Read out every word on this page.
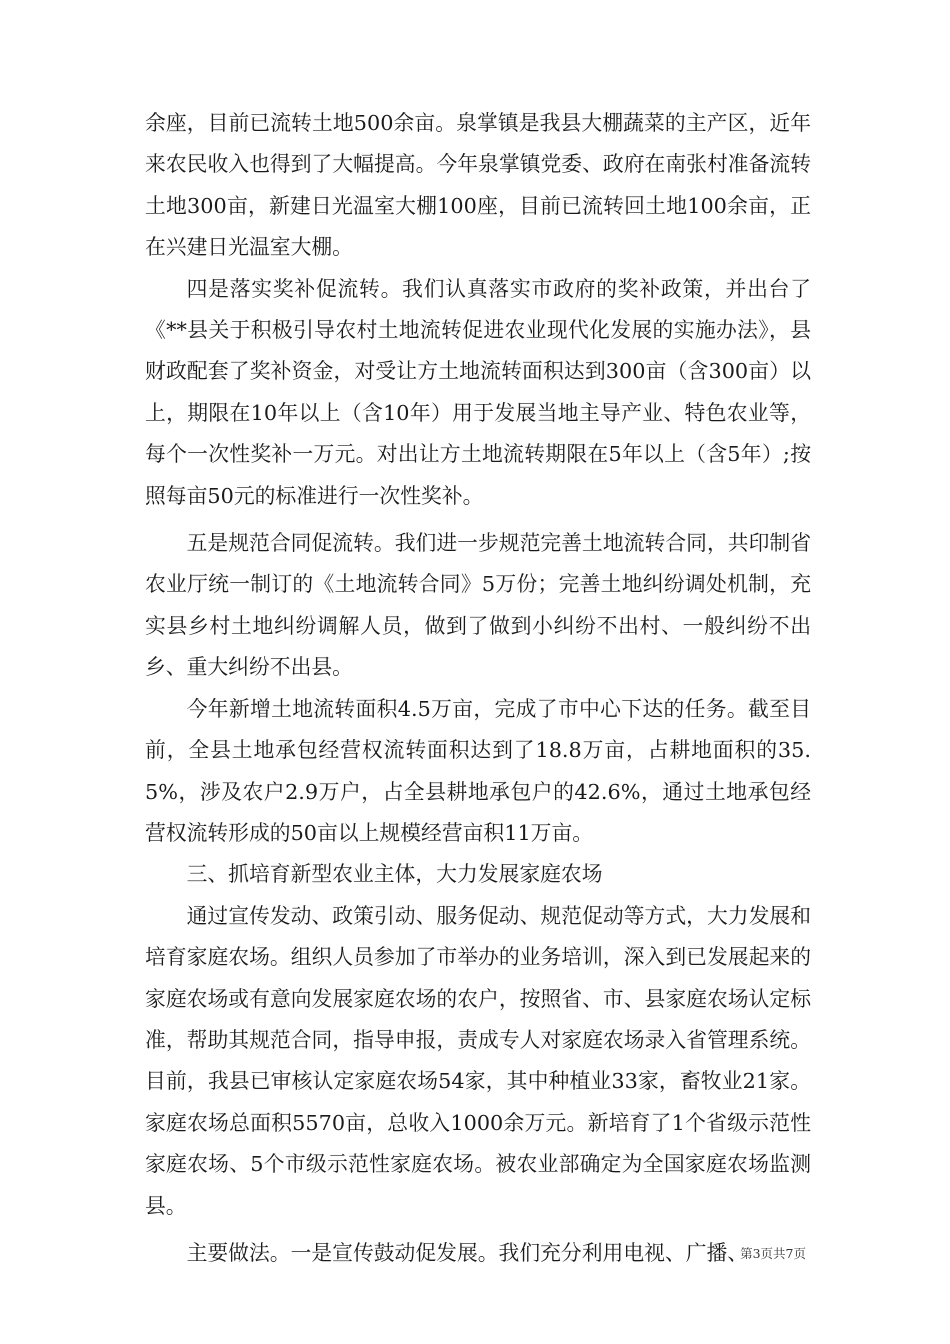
余座，目前已流转土地500余亩。泉掌镇是我县大棚蔬菜的主产区，近年来农民收入也得到了大幅提高。今年泉掌镇党委、政府在南张村准备流转土地300亩，新建日光温室大棚100座，目前已流转回土地100余亩，正在兴建日光温室大棚。

四是落实奖补促流转。我们认真落实市政府的奖补政策，并出台了《**县关于积极引导农村土地流转促进农业现代化发展的实施办法》，县财政配套了奖补资金，对受让方土地流转面积达到300亩（含300亩）以上，期限在10年以上（含10年）用于发展当地主导产业、特色农业等，每个一次性奖补一万元。对出让方土地流转期限在5年以上（含5年）;按照每亩50元的标准进行一次性奖补。

五是规范合同促流转。我们进一步规范完善土地流转合同，共印制省农业厅统一制订的《土地流转合同》5万份；完善土地纠纷调处机制，充实县乡村土地纠纷调解人员，做到了做到小纠纷不出村、一般纠纷不出乡、重大纠纷不出县。

今年新增土地流转面积4.5万亩，完成了市中心下达的任务。截至目前，全县土地承包经营权流转面积达到了18.8万亩，占耕地面积的35.5%，涉及农户2.9万户，占全县耕地承包户的42.6%，通过土地承包经营权流转形成的50亩以上规模经营亩积11万亩。

三、抓培育新型农业主体，大力发展家庭农场

通过宣传发动、政策引动、服务促动、规范促动等方式，大力发展和培育家庭农场。组织人员参加了市举办的业务培训，深入到已发展起来的家庭农场或有意向发展家庭农场的农户，按照省、市、县家庭农场认定标准，帮助其规范合同，指导申报，责成专人对家庭农场录入省管理系统。目前，我县已审核认定家庭农场54家，其中种植业33家，畜牧业21家。家庭农场总面积5570亩，总收入1000余万元。新培育了1个省级示范性家庭农场、5个市级示范性家庭农场。被农业部确定为全国家庭农场监测县。

主要做法。一是宣传鼓动促发展。我们充分利用电视、广播、

第3页共7页
